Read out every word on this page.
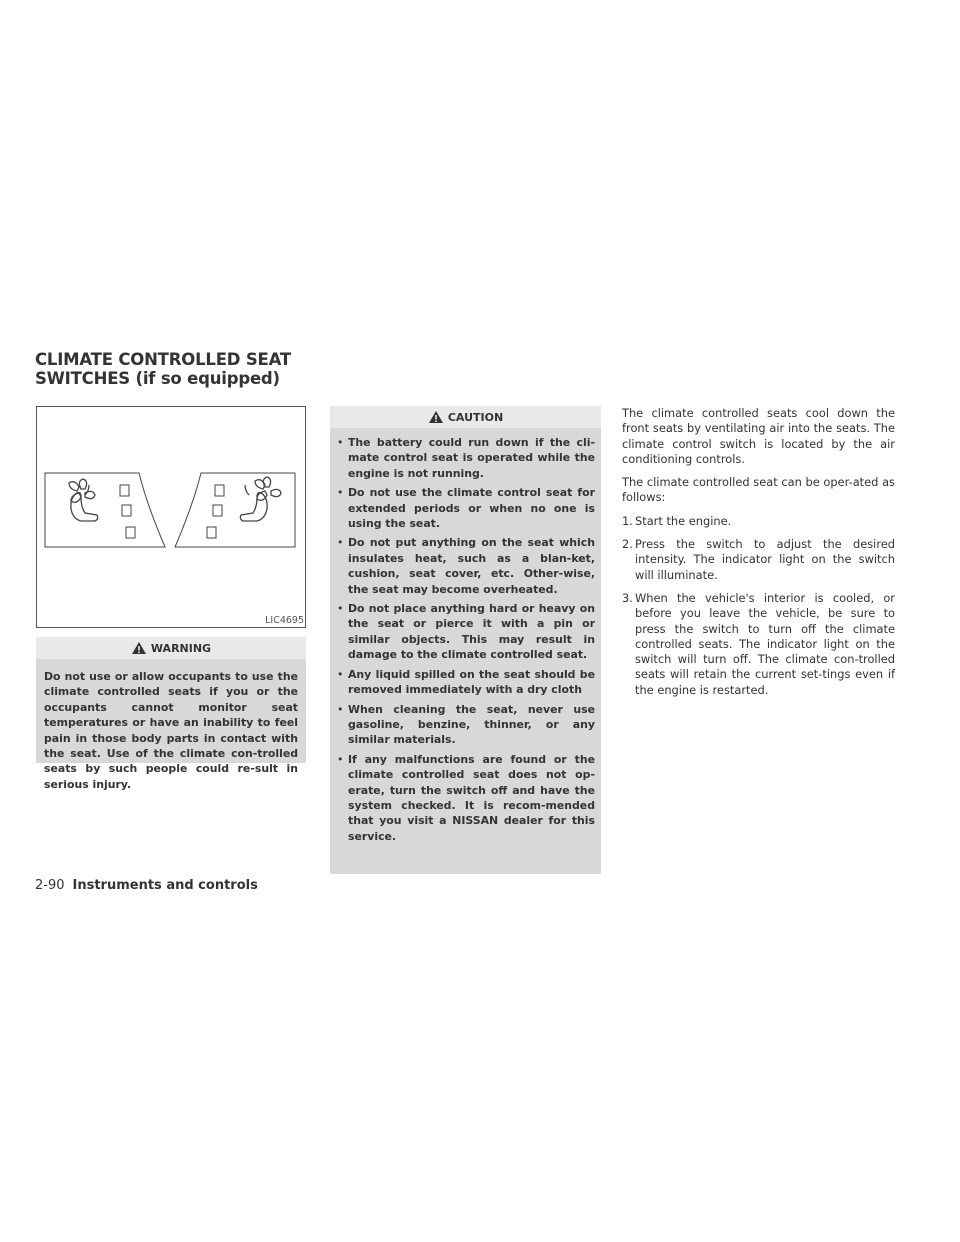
CLIMATE CONTROLLED SEAT
SWITCHES (if so equipped)
LIC4695
WARNING
Do not use or allow occupants to use the climate controlled seats if you or the occupants cannot monitor seat temperatures or have an inability to feel pain in those body parts in contact with the seat. Use of the climate con-trolled seats by such people could re-sult in serious injury.
CAUTION
• The battery could run down if the cli-mate control seat is operated while the engine is not running.
• Do not use the climate control seat for extended periods or when no one is using the seat.
• Do not put anything on the seat which insulates heat, such as a blan-ket, cushion, seat cover, etc. Other-wise, the seat may become overheated.
• Do not place anything hard or heavy on the seat or pierce it with a pin or similar objects. This may result in damage to the climate controlled seat.
• Any liquid spilled on the seat should be removed immediately with a dry cloth
• When cleaning the seat, never use gasoline, benzine, thinner, or any similar materials.
• If any malfunctions are found or the climate controlled seat does not op-erate, turn the switch off and have the system checked. It is recom-mended that you visit a NISSAN dealer for this service.

The climate controlled seats cool down the front seats by ventilating air into the seats. The climate control switch is located by the air conditioning controls.

The climate controlled seat can be oper-ated as follows:

1. Start the engine.
2. Press the switch to adjust the desired intensity. The indicator light on the switch will illuminate.
3. When the vehicle's interior is cooled, or before you leave the vehicle, be sure to press the switch to turn off the climate controlled seats. The indicator light on the switch will turn off. The climate con-trolled seats will retain the current set-tings even if the engine is restarted.
2-90 Instruments and controls
